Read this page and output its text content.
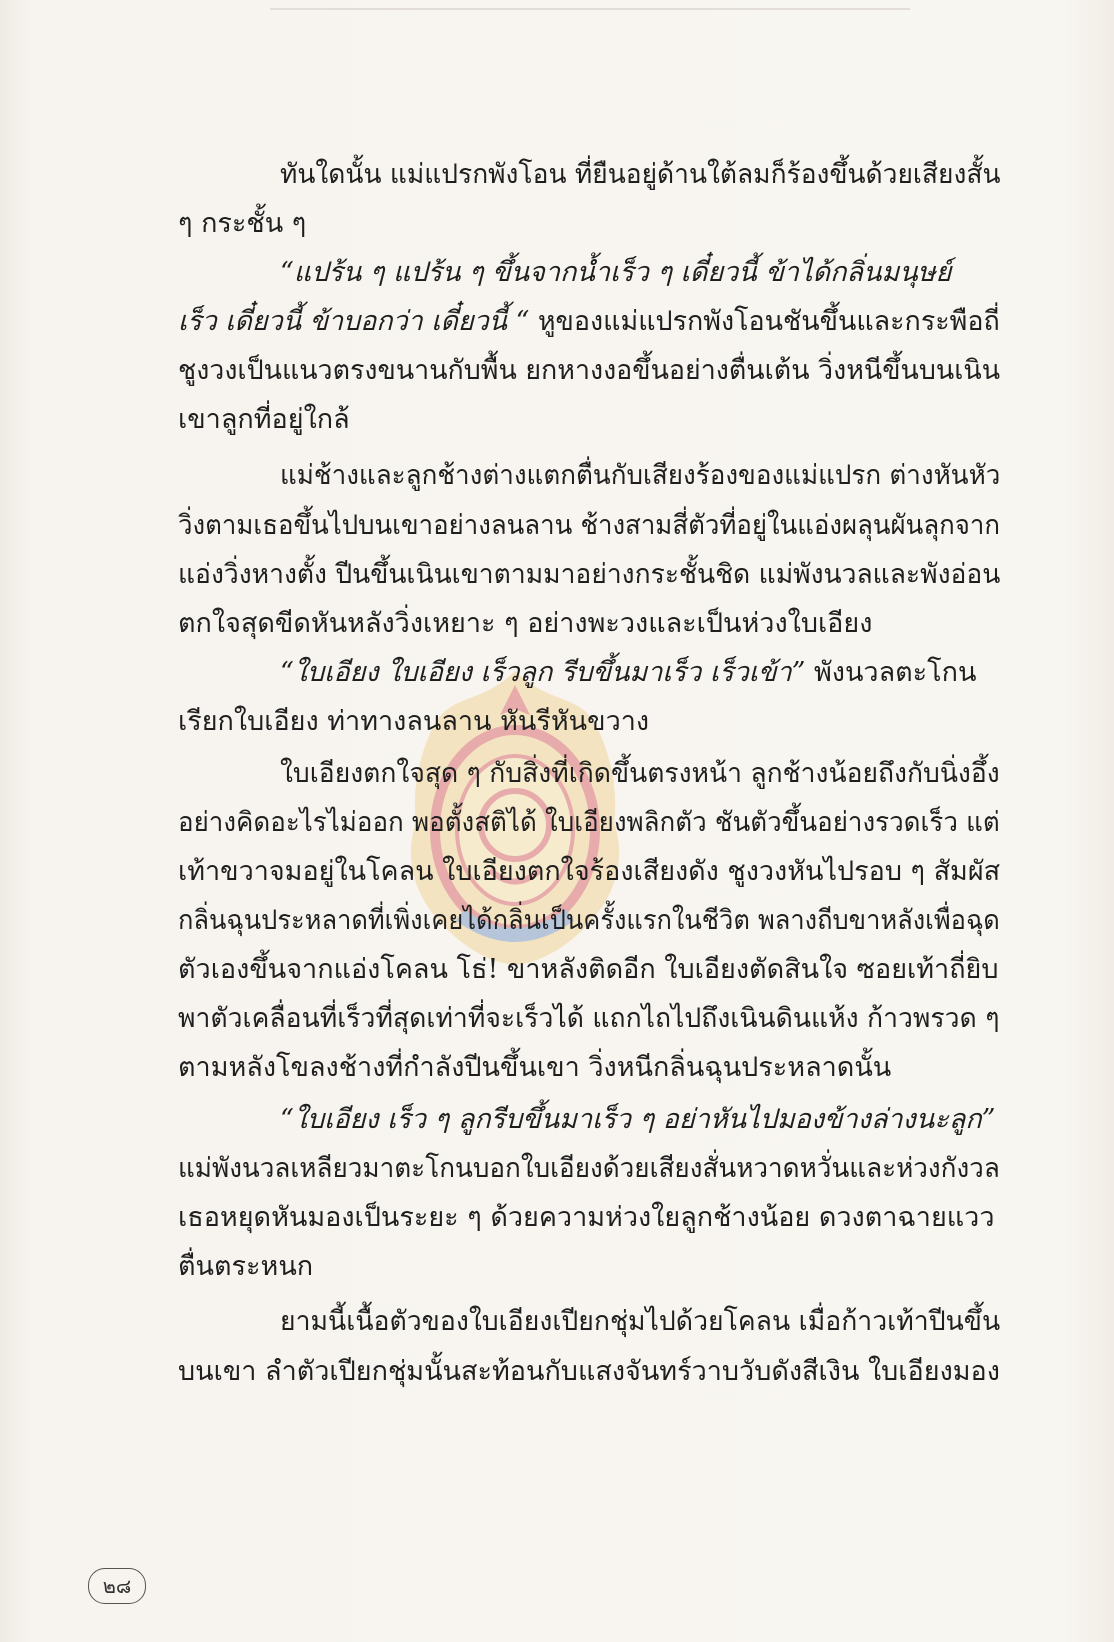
ทันใดนั้น แม่แปรกพังโอน ที่ยืนอยู่ด้านใต้ลมก็ร้องขึ้นด้วยเสียงสั้น
ๆ กระชั้น ๆ
“แปร้น ๆ แปร้น ๆ ขึ้นจากน้ำเร็ว ๆ เดี๋ยวนี้ ข้าได้กลิ่นมนุษย์
เร็ว เดี๋ยวนี้ ข้าบอกว่า เดี๋ยวนี้ “ หูของแม่แปรกพังโอนชันขึ้นและกระพือถี่
ชูงวงเป็นแนวตรงขนานกับพื้น ยกหางงอขึ้นอย่างตื่นเต้น วิ่งหนีขึ้นบนเนิน
เขาลูกที่อยู่ใกล้
แม่ช้างและลูกช้างต่างแตกตื่นกับเสียงร้องของแม่แปรก ต่างหันหัว
วิ่งตามเธอขึ้นไปบนเขาอย่างลนลาน ช้างสามสี่ตัวที่อยู่ในแอ่งผลุนผันลุกจาก
แอ่งวิ่งหางตั้ง ปีนขึ้นเนินเขาตามมาอย่างกระชั้นชิด แม่พังนวลและพังอ่อน
ตกใจสุดขีดหันหลังวิ่งเหยาะ ๆ อย่างพะวงและเป็นห่วงใบเอียง
“ใบเอียง ใบเอียง เร็วลูก รีบขึ้นมาเร็ว เร็วเข้า” พังนวลตะโกน
เรียกใบเอียง ท่าทางลนลาน หันรีหันขวาง
ใบเอียงตกใจสุด ๆ กับสิ่งที่เกิดขึ้นตรงหน้า ลูกช้างน้อยถึงกับนิ่งอึ้ง
อย่างคิดอะไรไม่ออก พอตั้งสติได้ ใบเอียงพลิกตัว ชันตัวขึ้นอย่างรวดเร็ว แต่
เท้าขวาจมอยู่ในโคลน ใบเอียงตกใจร้องเสียงดัง ชูงวงหันไปรอบ ๆ สัมผัส
กลิ่นฉุนประหลาดที่เพิ่งเคยได้กลิ่นเป็นครั้งแรกในชีวิต พลางถีบขาหลังเพื่อฉุด
ตัวเองขึ้นจากแอ่งโคลน โธ่! ขาหลังติดอีก ใบเอียงตัดสินใจ ซอยเท้าถี่ยิบ
พาตัวเคลื่อนที่เร็วที่สุดเท่าที่จะเร็วได้ แถกไถไปถึงเนินดินแห้ง ก้าวพรวด ๆ
ตามหลังโขลงช้างที่กำลังปีนขึ้นเขา วิ่งหนีกลิ่นฉุนประหลาดนั้น
“ใบเอียง เร็ว ๆ ลูกรีบขึ้นมาเร็ว ๆ อย่าหันไปมองข้างล่างนะลูก”
แม่พังนวลเหลียวมาตะโกนบอกใบเอียงด้วยเสียงสั่นหวาดหวั่นและห่วงกังวล
เธอหยุดหันมองเป็นระยะ ๆ ด้วยความห่วงใยลูกช้างน้อย ดวงตาฉายแวว
ตื่นตระหนก
ยามนี้เนื้อตัวของใบเอียงเปียกชุ่มไปด้วยโคลน เมื่อก้าวเท้าปีนขึ้น
บนเขา ลำตัวเปียกชุ่มนั้นสะท้อนกับแสงจันทร์วาบวับดังสีเงิน ใบเอียงมอง
๒๘
